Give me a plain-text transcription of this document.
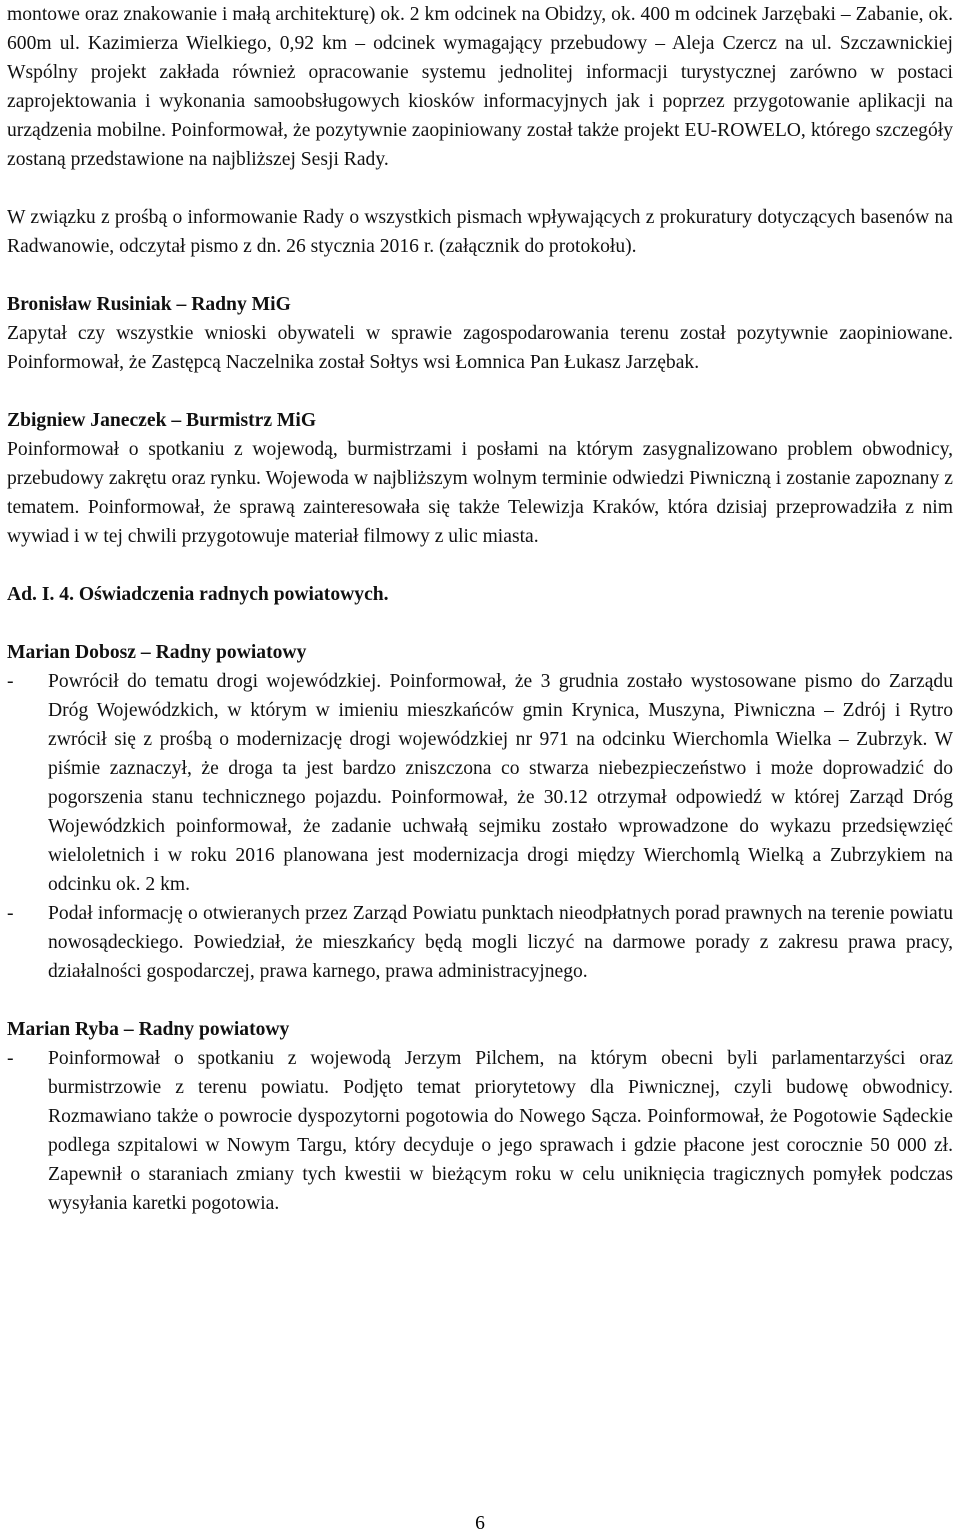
montowe oraz znakowanie i małą architekturę) ok. 2 km odcinek na Obidzy, ok. 400 m odcinek Jarzębaki – Zabanie, ok. 600m ul. Kazimierza Wielkiego, 0,92 km – odcinek wymagający przebudowy – Aleja Czercz na ul. Szczawnickiej Wspólny projekt zakłada również opracowanie systemu jednolitej informacji turystycznej zarówno w postaci zaprojektowania i wykonania samoobsługowych kiosków informacyjnych jak i poprzez przygotowanie aplikacji na urządzenia mobilne. Poinformował, że pozytywnie zaopiniowany został także projekt EU-ROWELO, którego szczegóły zostaną przedstawione na najbliższej Sesji Rady.

W związku z prośbą o informowanie Rady o wszystkich pismach wpływających z prokuratury dotyczących basenów na Radwanowie, odczytał pismo z dn. 26 stycznia 2016 r. (załącznik do protokołu).

Bronisław Rusiniak – Radny MiG

Zapytał czy wszystkie wnioski obywateli w sprawie zagospodarowania terenu został pozytywnie zaopiniowane. Poinformował, że Zastępcą Naczelnika został Sołtys wsi Łomnica Pan Łukasz Jarzębak.

Zbigniew Janeczek – Burmistrz MiG

Poinformował o spotkaniu z wojewodą, burmistrzami i posłami na którym zasygnalizowano problem obwodnicy, przebudowy zakrętu oraz rynku. Wojewoda w najbliższym wolnym terminie odwiedzi Piwniczną i zostanie zapoznany z tematem. Poinformował, że sprawą zainteresowała się także Telewizja Kraków, która dzisiaj przeprowadziła z nim wywiad i w tej chwili przygotowuje materiał filmowy z ulic miasta.

Ad. I. 4. Oświadczenia radnych powiatowych.

Marian Dobosz – Radny powiatowy

-	Powrócił do tematu drogi wojewódzkiej. Poinformował, że 3 grudnia zostało wystosowane pismo do Zarządu Dróg Wojewódzkich, w którym w imieniu mieszkańców gmin Krynica, Muszyna, Piwniczna – Zdrój i Rytro zwrócił się z prośbą o modernizację drogi wojewódzkiej nr 971 na odcinku Wierchomla Wielka – Zubrzyk. W piśmie zaznaczył, że droga ta jest bardzo zniszczona co stwarza niebezpieczeństwo i może doprowadzić do pogorszenia stanu technicznego pojazdu. Poinformował, że 30.12 otrzymał odpowiedź w której Zarząd Dróg Wojewódzkich poinformował, że zadanie uchwałą sejmiku zostało wprowadzone do wykazu przedsięwzięć wieloletnich i w roku 2016 planowana jest modernizacja drogi między Wierchomlą Wielką a Zubrzykiem na odcinku ok. 2 km.
-	Podał informację o otwieranych przez Zarząd Powiatu punktach nieodpłatnych porad prawnych na terenie powiatu nowosądeckiego. Powiedział, że mieszkańcy będą mogli liczyć na darmowe porady z zakresu prawa pracy, działalności gospodarczej, prawa karnego, prawa administracyjnego.

Marian Ryba – Radny powiatowy

-	Poinformował o spotkaniu z wojewodą Jerzym Pilchem, na którym obecni byli parlamentarzyści oraz burmistrzowie z terenu powiatu. Podjęto temat priorytetowy dla Piwnicznej, czyli budowę obwodnicy. Rozmawiano także o powrocie dyspozytorni pogotowia do Nowego Sącza. Poinformował, że Pogotowie Sądeckie podlega szpitalowi w Nowym Targu, który decyduje o jego sprawach i gdzie płacone jest corocznie 50 000 zł. Zapewnił o staraniach zmiany tych kwestii w bieżącym roku w celu uniknięcia tragicznych pomyłek podczas wysyłania karetki pogotowia.
6
